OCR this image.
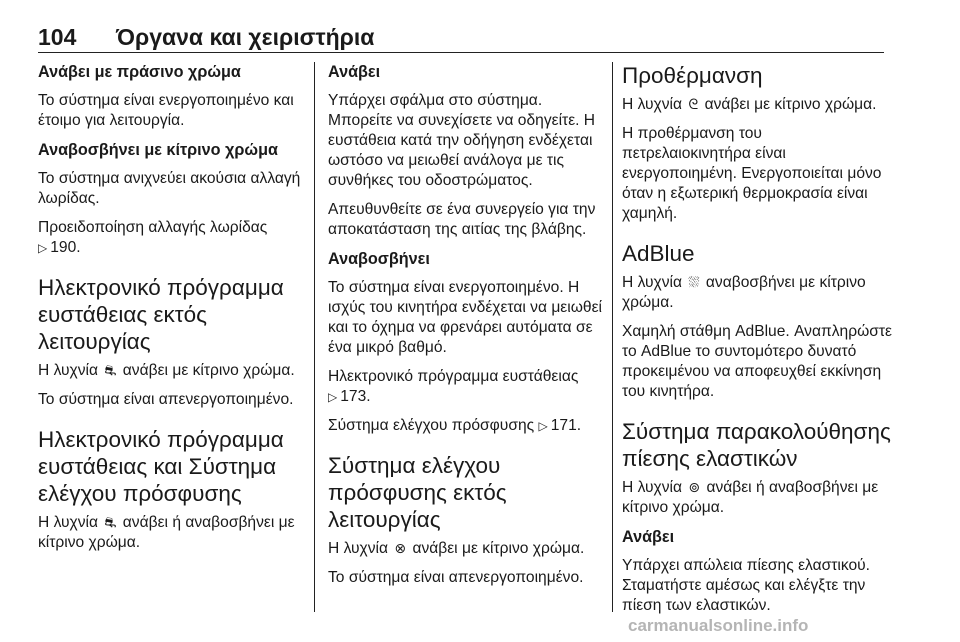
104 Όργανα και χειριστήρια
Ανάβει με πράσινο χρώμα
Το σύστημα είναι ενεργοποιημένο και έτοιμο για λειτουργία.
Αναβοσβήνει με κίτρινο χρώμα
Το σύστημα ανιχνεύει ακούσια αλλαγή λωρίδας.
Προειδοποίηση αλλαγής λωρίδας
▷ 190.
Ηλεκτρονικό πρόγραμμα ευστάθειας εκτός λειτουργίας
Η λυχνία ⛐ ανάβει με κίτρινο χρώμα.
Το σύστημα είναι απενεργοποιημένο.
Ηλεκτρονικό πρόγραμμα ευστάθειας και Σύστημα ελέγχου πρόσφυσης
Η λυχνία ⛐ ανάβει ή αναβοσβήνει με κίτρινο χρώμα.
Ανάβει
Υπάρχει σφάλμα στο σύστημα. Μπορείτε να συνεχίσετε να οδηγείτε. Η ευστάθεια κατά την οδήγηση ενδέχεται ωστόσο να μειωθεί ανάλογα με τις συνθήκες του οδοστρώματος.
Απευθυνθείτε σε ένα συνεργείο για την αποκατάσταση της αιτίας της βλάβης.
Αναβοσβήνει
Το σύστημα είναι ενεργοποιημένο. Η ισχύς του κινητήρα ενδέχεται να μειωθεί και το όχημα να φρενάρει αυτόματα σε ένα μικρό βαθμό.
Ηλεκτρονικό πρόγραμμα ευστάθειας
▷ 173.
Σύστημα ελέγχου πρόσφυσης ▷ 171.
Σύστημα ελέγχου πρόσφυσης εκτός λειτουργίας
Η λυχνία ⊗ ανάβει με κίτρινο χρώμα.
Το σύστημα είναι απενεργοποιημένο.
Προθέρμανση
Η λυχνία ᘓ ανάβει με κίτρινο χρώμα.
Η προθέρμανση του πετρελαιοκινητήρα είναι ενεργοποιημένη. Ενεργοποιείται μόνο όταν η εξωτερική θερμοκρασία είναι χαμηλή.
AdBlue
Η λυχνία ⛆ αναβοσβήνει με κίτρινο χρώμα.
Χαμηλή στάθμη AdBlue. Αναπληρώστε το AdBlue το συντομότερο δυνατό προκειμένου να αποφευχθεί εκκίνηση του κινητήρα.
Σύστημα παρακολούθησης πίεσης ελαστικών
Η λυχνία ⊚ ανάβει ή αναβοσβήνει με κίτρινο χρώμα.
Ανάβει
Υπάρχει απώλεια πίεσης ελαστικού. Σταματήστε αμέσως και ελέγξτε την πίεση των ελαστικών.
carmanualsonline.info
